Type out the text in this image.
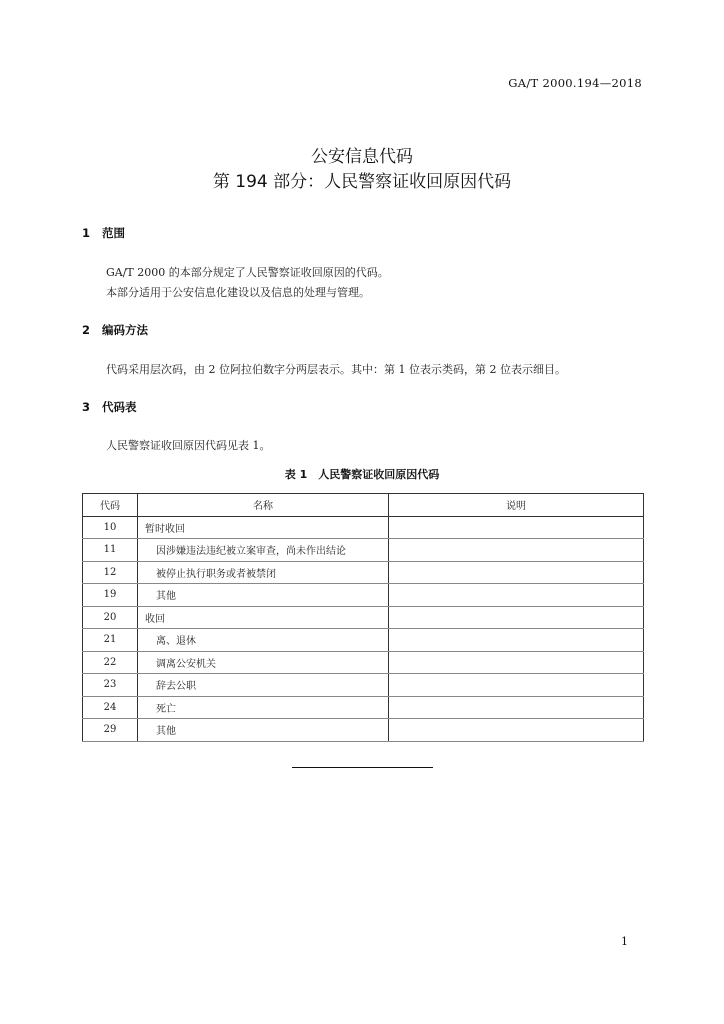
GA/T 2000.194—2018
公安信息代码
第 194 部分：人民警察证收回原因代码
1 范围
GA/T 2000 的本部分规定了人民警察证收回原因的代码。
本部分适用于公安信息化建设以及信息的处理与管理。
2 编码方法
代码采用层次码，由 2 位阿拉伯数字分两层表示。其中：第 1 位表示类码，第 2 位表示细目。
3 代码表
人民警察证收回原因代码见表 1。
表 1　人民警察证收回原因代码
代码	名称	说明
10	暂时收回	
11	因涉嫌违法违纪被立案审查，尚未作出结论	
12	被停止执行职务或者被禁闭	
19	其他	
20	收回	
21	离、退休	
22	调离公安机关	
23	辞去公职	
24	死亡	
29	其他	
1
